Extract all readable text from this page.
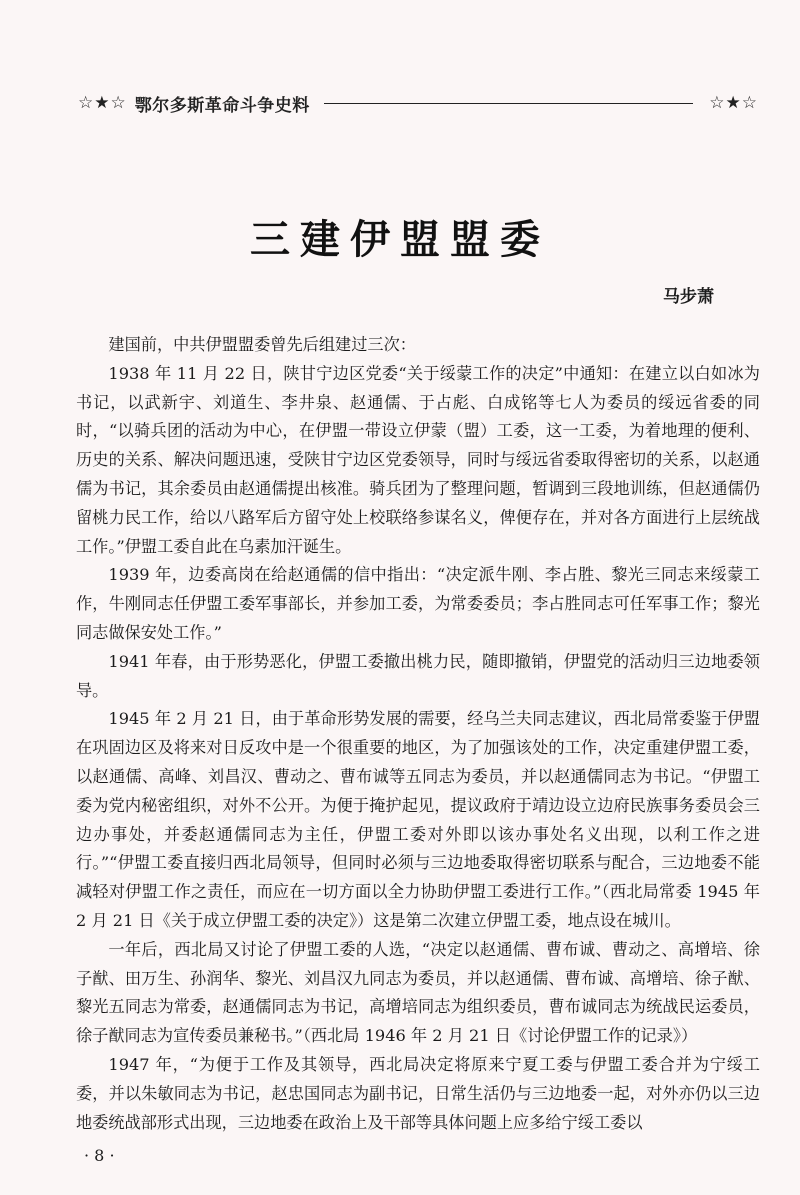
☆★☆ 鄂尔多斯革命斗争史料	☆★☆
三建伊盟盟委
马步萧

建国前，中共伊盟盟委曾先后组建过三次：

1938 年 11 月 22 日，陕甘宁边区党委“关于绥蒙工作的决定”中通知：在建立以白如冰为书记，以武新宇、刘道生、李井泉、赵通儒、于占彪、白成铭等七人为委员的绥远省委的同时，“以骑兵团的活动为中心，在伊盟一带设立伊蒙（盟）工委，这一工委，为着地理的便利、历史的关系、解决问题迅速，受陕甘宁边区党委领导，同时与绥远省委取得密切的关系，以赵通儒为书记，其余委员由赵通儒提出核准。骑兵团为了整理问题，暂调到三段地训练，但赵通儒仍留桃力民工作，给以八路军后方留守处上校联络参谋名义，俾便存在，并对各方面进行上层统战工作。”伊盟工委自此在乌素加汗诞生。

1939 年，边委高岗在给赵通儒的信中指出：“决定派牛刚、李占胜、黎光三同志来绥蒙工作，牛刚同志任伊盟工委军事部长，并参加工委，为常委委员；李占胜同志可任军事工作；黎光同志做保安处工作。”

1941 年春，由于形势恶化，伊盟工委撤出桃力民，随即撤销，伊盟党的活动归三边地委领导。

1945 年 2 月 21 日，由于革命形势发展的需要，经乌兰夫同志建议，西北局常委鉴于伊盟在巩固边区及将来对日反攻中是一个很重要的地区，为了加强该处的工作，决定重建伊盟工委，以赵通儒、高峰、刘昌汉、曹动之、曹布诚等五同志为委员，并以赵通儒同志为书记。“伊盟工委为党内秘密组织，对外不公开。为便于掩护起见，提议政府于靖边设立边府民族事务委员会三边办事处，并委赵通儒同志为主任，伊盟工委对外即以该办事处名义出现，以利工作之进行。”“伊盟工委直接归西北局领导，但同时必须与三边地委取得密切联系与配合，三边地委不能减轻对伊盟工作之责任，而应在一切方面以全力协助伊盟工委进行工作。”（西北局常委 1945 年 2 月 21 日《关于成立伊盟工委的决定》）这是第二次建立伊盟工委，地点设在城川。

一年后，西北局又讨论了伊盟工委的人选，“决定以赵通儒、曹布诚、曹动之、高增培、徐子猷、田万生、孙润华、黎光、刘昌汉九同志为委员，并以赵通儒、曹布诚、高增培、徐子猷、黎光五同志为常委，赵通儒同志为书记，高增培同志为组织委员，曹布诚同志为统战民运委员，徐子猷同志为宣传委员兼秘书。”（西北局 1946 年 2 月 21 日《讨论伊盟工作的记录》）

1947 年，“为便于工作及其领导，西北局决定将原来宁夏工委与伊盟工委合并为宁绥工委，并以朱敏同志为书记，赵忠国同志为副书记，日常生活仍与三边地委一起，对外亦仍以三边地委统战部形式出现，三边地委在政治上及干部等具体问题上应多给宁绥工委以

· 8 ·
